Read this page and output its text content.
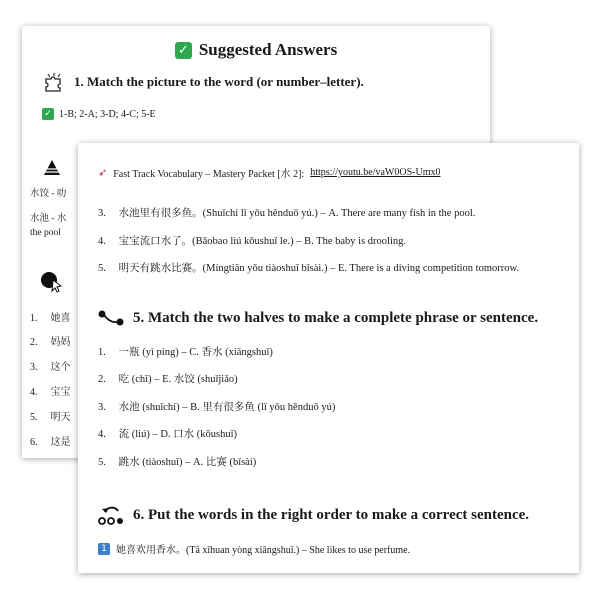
✓ Suggested Answers
1. Match the picture to the word (or number–letter).
✓ 1-B; 2-A; 3-D; 4-C; 5-E
水饺 - 叻
水池 - 水
the pool
1. 她喜
2. 妈妈
3. 这个
4. 宝宝
5. 明天
6. 这是
➶ Fast Track Vocabulary – Mastery Packet [水 2]: https://youtu.be/vaW0OS-Umx0
3. 水池里有很多鱼。(Shuǐchí lǐ yǒu hěnduō yú.) – A. There are many fish in the pool.
4. 宝宝流口水了。(Bǎobao liú kǒushuǐ le.) – B. The baby is drooling.
5. 明天有跳水比赛。(Míngtiān yǒu tiàoshuǐ bǐsài.) – E. There is a diving competition tomorrow.
5. Match the two halves to make a complete phrase or sentence.
1. 一瓶 (yì píng) – C. 香水 (xiāngshuǐ)
2. 吃 (chī) – E. 水饺 (shuǐjiǎo)
3. 水池 (shuǐchí) – B. 里有很多鱼 (lǐ yǒu hěnduō yú)
4. 流 (liú) – D. 口水 (kǒushuǐ)
5. 跳水 (tiàoshuǐ) – A. 比赛 (bǐsài)
6. Put the words in the right order to make a correct sentence.
1 她喜欢用香水。(Tā xǐhuan yòng xiāngshuǐ.) – She likes to use perfume.
